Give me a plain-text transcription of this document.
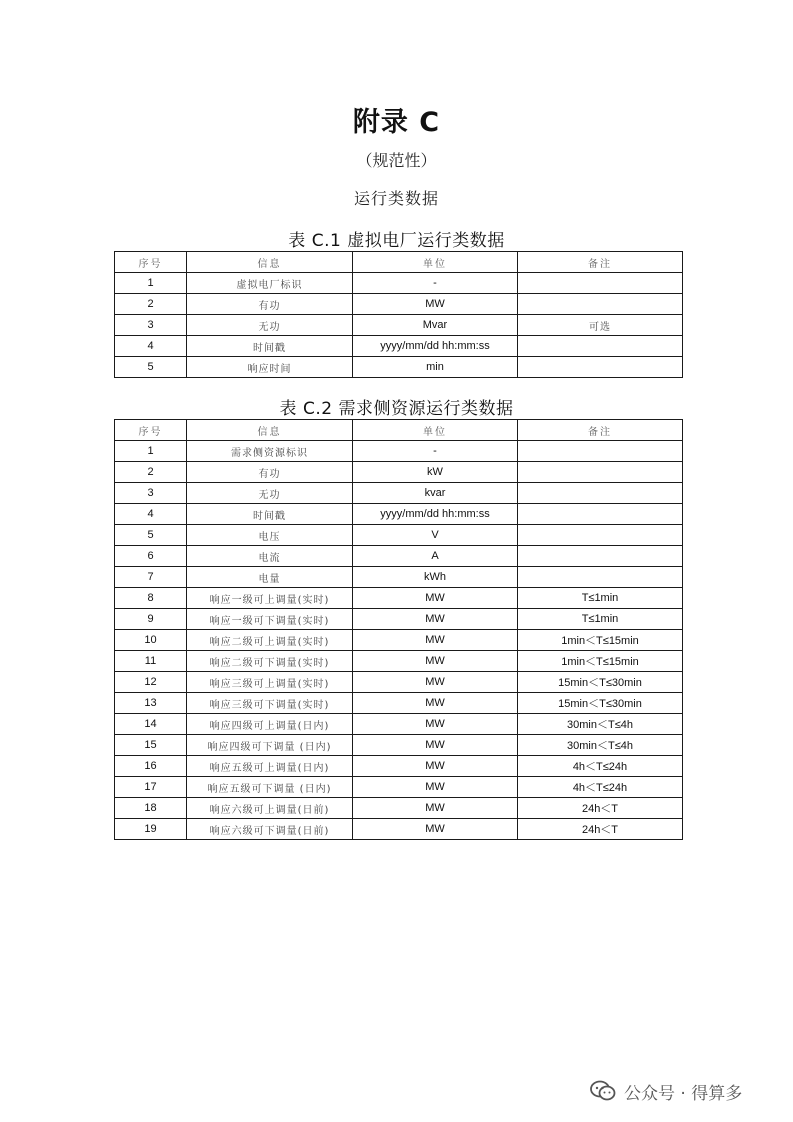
附录 C
（规范性）
运行类数据
表 C.1 虚拟电厂运行类数据
序号	信息	单位	备注
1	虚拟电厂标识	-	
2	有功	MW	
3	无功	Mvar	可选
4	时间戳	yyyy/mm/dd hh:mm:ss	
5	响应时间	min	
表 C.2 需求侧资源运行类数据
序号	信息	单位	备注
1	需求侧资源标识	-	
2	有功	kW	
3	无功	kvar	
4	时间戳	yyyy/mm/dd hh:mm:ss	
5	电压	V	
6	电流	A	
7	电量	kWh	
8	响应一级可上调量(实时)	MW	T≤1min
9	响应一级可下调量(实时)	MW	T≤1min
10	响应二级可上调量(实时)	MW	1min＜T≤15min
11	响应二级可下调量(实时)	MW	1min＜T≤15min
12	响应三级可上调量(实时)	MW	15min＜T≤30min
13	响应三级可下调量(实时)	MW	15min＜T≤30min
14	响应四级可上调量(日内)	MW	30min＜T≤4h
15	响应四级可下调量 (日内)	MW	30min＜T≤4h
16	响应五级可上调量(日内)	MW	4h＜T≤24h
17	响应五级可下调量 (日内)	MW	4h＜T≤24h
18	响应六级可上调量(日前)	MW	24h＜T
19	响应六级可下调量(日前)	MW	24h＜T
公众号 · 得算多
